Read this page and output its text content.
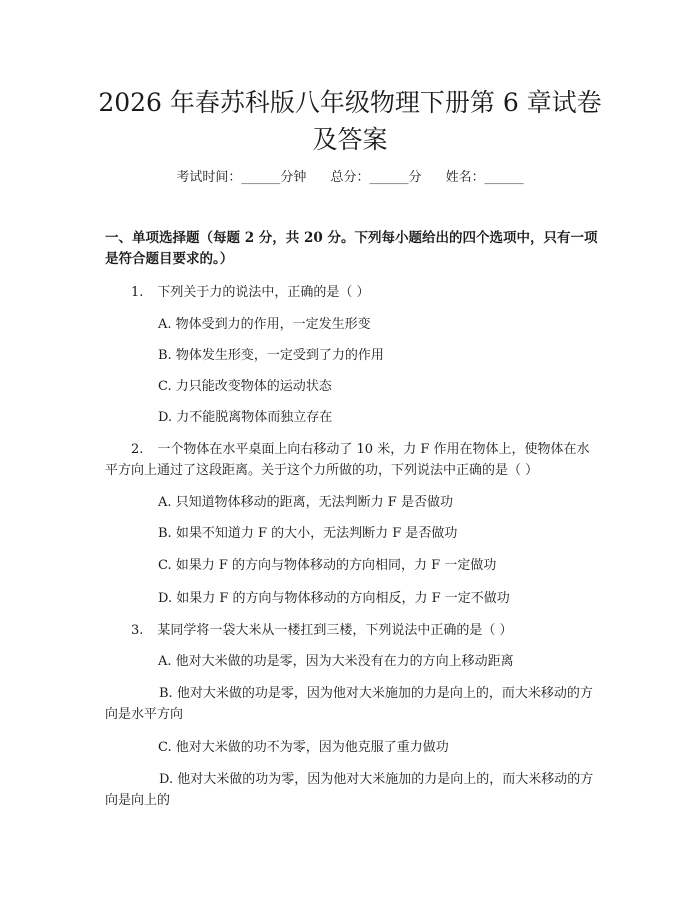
2026 年春苏科版八年级物理下册第 6 章试卷
及答案
考试时间：______分钟 总分：______分 姓名：______
一、单项选择题（每题 2 分，共 20 分。下列每小题给出的四个选项中，只有一项是符合题目要求的。）
1. 下列关于力的说法中，正确的是（ ）
A. 物体受到力的作用，一定发生形变
B. 物体发生形变，一定受到了力的作用
C. 力只能改变物体的运动状态
D. 力不能脱离物体而独立存在
2. 一个物体在水平桌面上向右移动了 10 米，力 F 作用在物体上，使物体在水平方向上通过了这段距离。关于这个力所做的功，下列说法中正确的是（ ）
A. 只知道物体移动的距离，无法判断力 F 是否做功
B. 如果不知道力 F 的大小，无法判断力 F 是否做功
C. 如果力 F 的方向与物体移动的方向相同，力 F 一定做功
D. 如果力 F 的方向与物体移动的方向相反，力 F 一定不做功
3. 某同学将一袋大米从一楼扛到三楼，下列说法中正确的是（ ）
A. 他对大米做的功是零，因为大米没有在力的方向上移动距离
B. 他对大米做的功是零，因为他对大米施加的力是向上的，而大米移动的方向是水平方向
C. 他对大米做的功不为零，因为他克服了重力做功
D. 他对大米做的功为零，因为他对大米施加的力是向上的，而大米移动的方向是向上的
